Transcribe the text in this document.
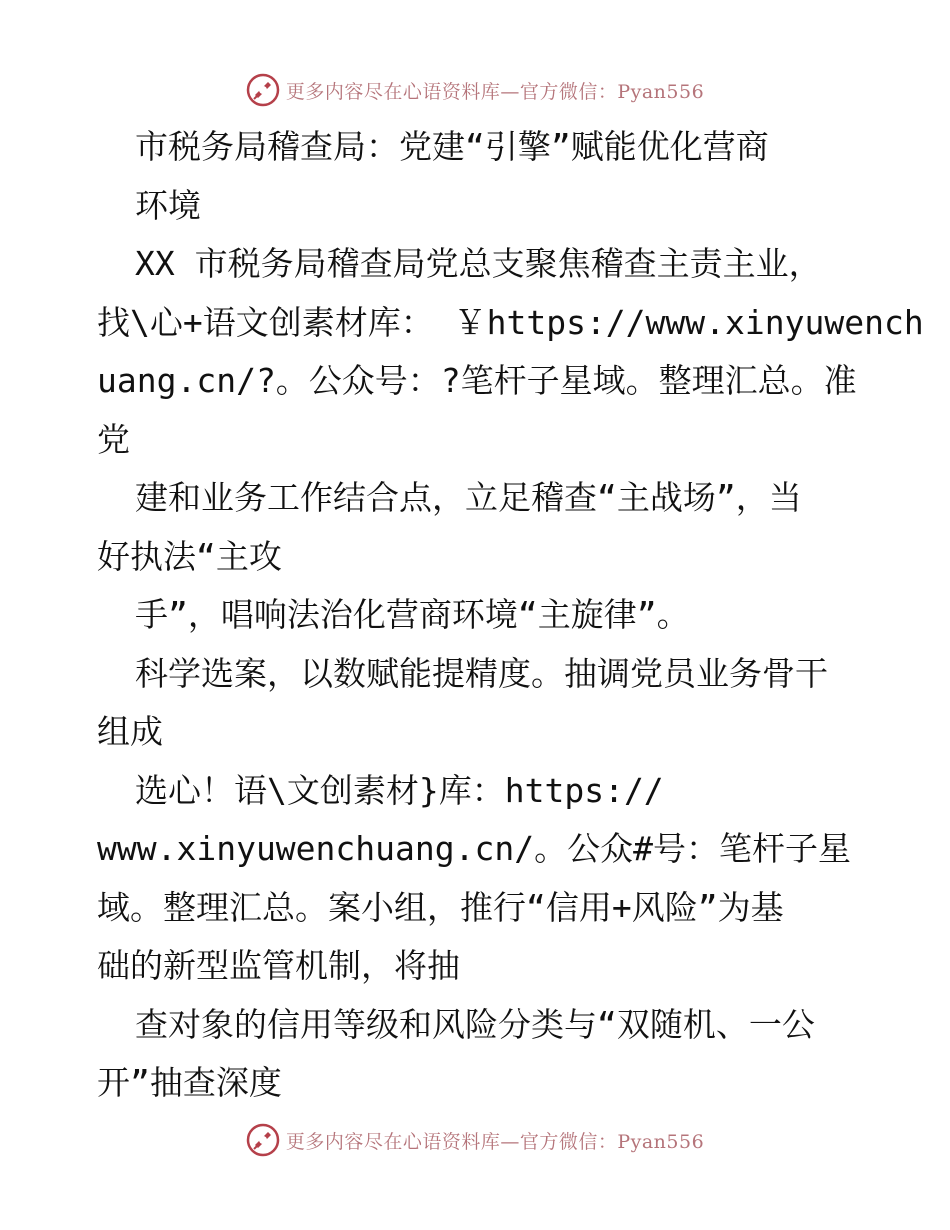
更多内容尽在心语资料库—官方微信：Pyan556
市税务局稽查局：党建“引擎”赋能优化营商
环境
XX 市税务局稽查局党总支聚焦稽查主责主业，
找\心+语文创素材库： ￥https://www.xinyuwench
uang.cn/?。公众号：?笔杆子星域。整理汇总。准
党
建和业务工作结合点，立足稽查“主战场”，当
好执法“主攻
手”，唱响法治化营商环境“主旋律”。
科学选案，以数赋能提精度。抽调党员业务骨干
组成
选心！语\文创素材}库：https://
www.xinyuwenchuang.cn/。公众#号：笔杆子星
域。整理汇总。案小组，推行“信用+风险”为基
础的新型监管机制，将抽
查对象的信用等级和风险分类与“双随机、一公
开”抽查深度
更多内容尽在心语资料库—官方微信：Pyan556
